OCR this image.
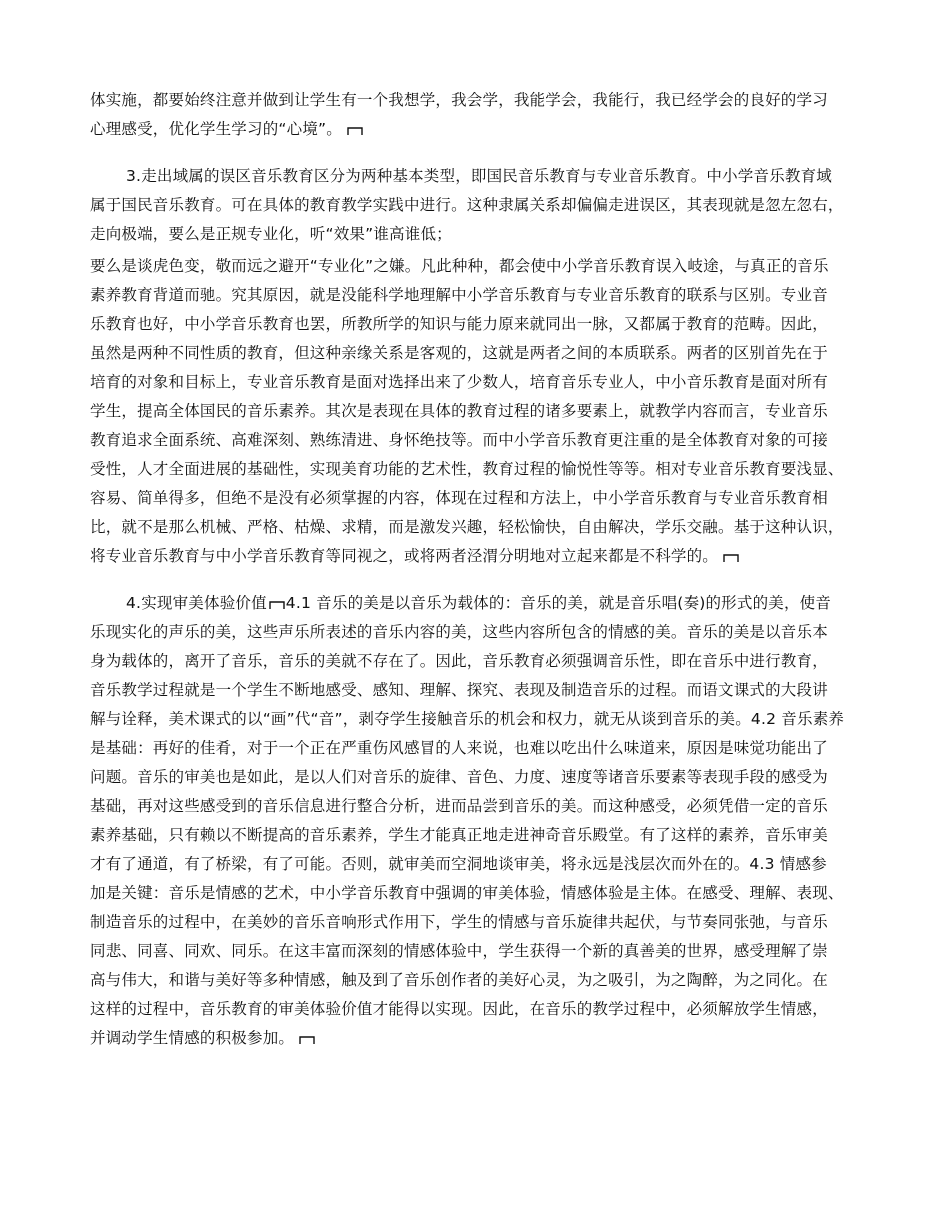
体实施，都要始终注意并做到让学生有一个我想学，我会学，我能学会，我能行，我已经学会的良好的学习
心理感受，优化学生学习的“心境”。
3.走出域属的误区音乐教育区分为两种基本类型，即国民音乐教育与专业音乐教育。中小学音乐教育域
属于国民音乐教育。可在具体的教育教学实践中进行。这种隶属关系却偏偏走进误区，其表现就是忽左忽右，
走向极端，要么是正规专业化，听“效果”谁高谁低；
要么是谈虎色变，敬而远之避开“专业化”之嫌。凡此种种，都会使中小学音乐教育误入岐途，与真正的音乐
素养教育背道而驰。究其原因，就是没能科学地理解中小学音乐教育与专业音乐教育的联系与区别。专业音
乐教育也好，中小学音乐教育也罢，所教所学的知识与能力原来就同出一脉，又都属于教育的范畴。因此，
虽然是两种不同性质的教育，但这种亲缘关系是客观的，这就是两者之间的本质联系。两者的区别首先在于
培育的对象和目标上，专业音乐教育是面对选择出来了少数人，培育音乐专业人，中小音乐教育是面对所有
学生，提高全体国民的音乐素养。其次是表现在具体的教育过程的诸多要素上，就教学内容而言，专业音乐
教育追求全面系统、高难深刻、熟练清进、身怀绝技等。而中小学音乐教育更注重的是全体教育对象的可接
受性，人才全面进展的基础性，实现美育功能的艺术性，教育过程的愉悦性等等。相对专业音乐教育要浅显、
容易、简单得多，但绝不是没有必须掌握的内容，体现在过程和方法上，中小学音乐教育与专业音乐教育相
比，就不是那么机械、严格、枯燥、求精，而是激发兴趣，轻松愉快，自由解决，学乐交融。基于这种认识，
将专业音乐教育与中小学音乐教育等同视之，或将两者泾渭分明地对立起来都是不科学的。
4.实现审美体验价值 4.1 音乐的美是以音乐为载体的：音乐的美，就是音乐唱(奏)的形式的美，使音
乐现实化的声乐的美，这些声乐所表述的音乐内容的美，这些内容所包含的情感的美。音乐的美是以音乐本
身为载体的，离开了音乐，音乐的美就不存在了。因此，音乐教育必须强调音乐性，即在音乐中进行教育，
音乐教学过程就是一个学生不断地感受、感知、理解、探究、表现及制造音乐的过程。而语文课式的大段讲
解与诠释，美术课式的以“画”代“音”，剥夺学生接触音乐的机会和权力，就无从谈到音乐的美。4.2 音乐素养
是基础：再好的佳肴，对于一个正在严重伤风感冒的人来说，也难以吃出什么味道来，原因是味觉功能出了
问题。音乐的审美也是如此，是以人们对音乐的旋律、音色、力度、速度等诸音乐要素等表现手段的感受为
基础，再对这些感受到的音乐信息进行整合分析，进而品尝到音乐的美。而这种感受，必须凭借一定的音乐
素养基础，只有赖以不断提高的音乐素养，学生才能真正地走进神奇音乐殿堂。有了这样的素养，音乐审美
才有了通道，有了桥梁，有了可能。否则，就审美而空洞地谈审美，将永远是浅层次而外在的。4.3 情感参
加是关键：音乐是情感的艺术，中小学音乐教育中强调的审美体验，情感体验是主体。在感受、理解、表现、
制造音乐的过程中，在美妙的音乐音响形式作用下，学生的情感与音乐旋律共起伏，与节奏同张弛，与音乐
同悲、同喜、同欢、同乐。在这丰富而深刻的情感体验中，学生获得一个新的真善美的世界，感受理解了崇
高与伟大，和谐与美好等多种情感，触及到了音乐创作者的美好心灵，为之吸引，为之陶醉，为之同化。在
这样的过程中，音乐教育的审美体验价值才能得以实现。因此，在音乐的教学过程中，必须解放学生情感，
并调动学生情感的积极参加。
